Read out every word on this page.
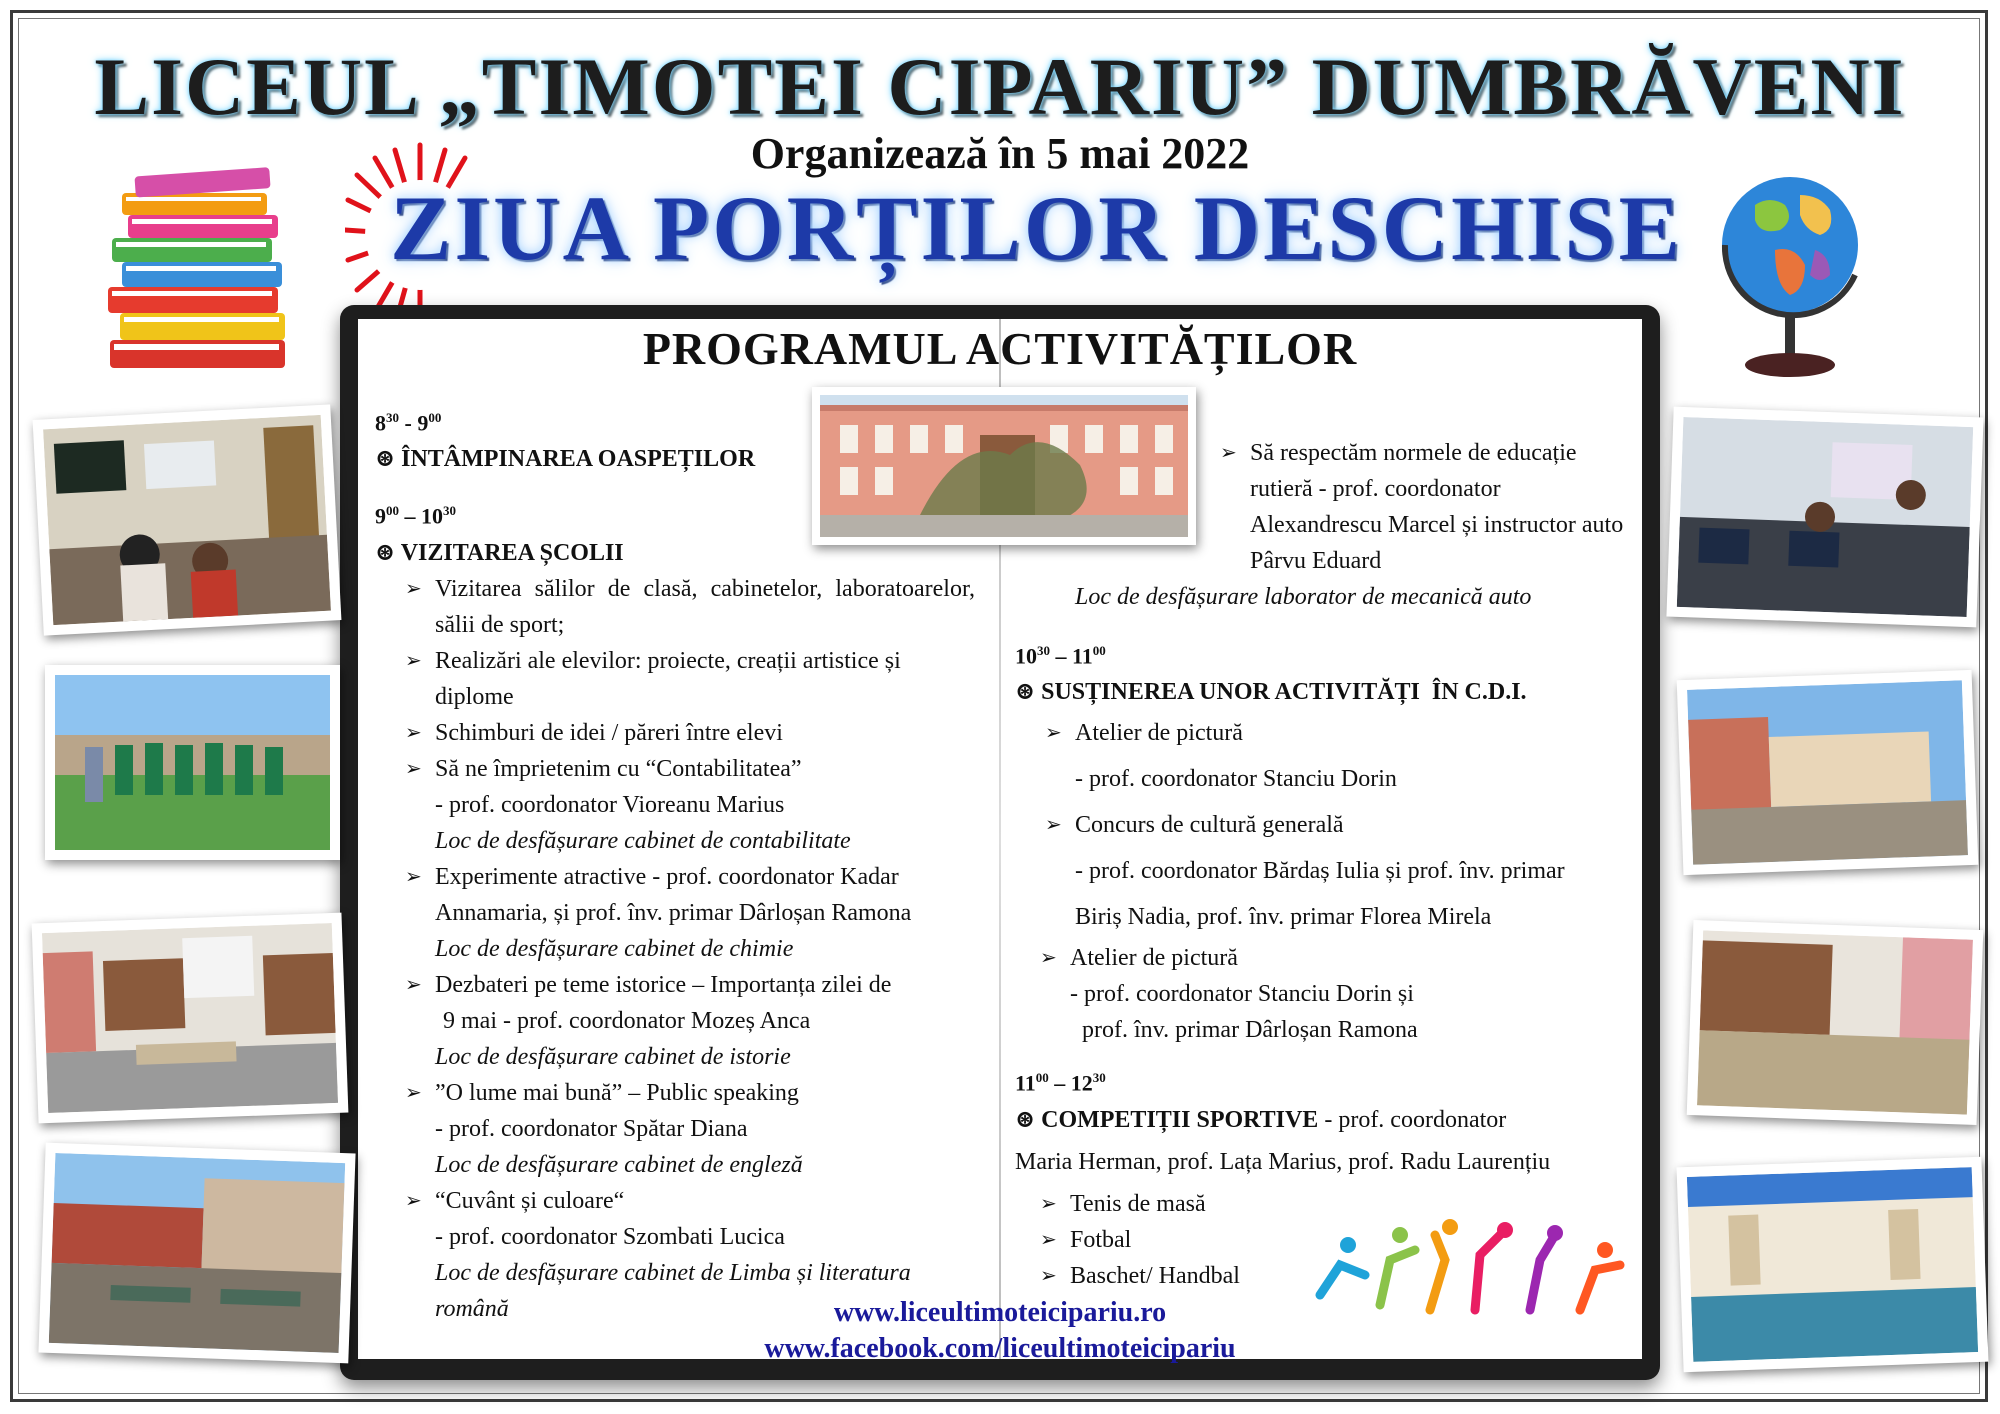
LICEUL „TIMOTEI CIPARIU” DUMBRĂVENI
Organizează în 5 mai 2022
ZIUA PORȚILOR DESCHISE
PROGRAMUL ACTIVITĂȚILOR
$8^{30} - 9^{00}$
⊛ ÎNTÂMPINAREA OASPEȚILOR
$9^{00} - 10^{30}$
⊛ VIZITAREA ȘCOLII
➢ Vizitarea sălilor de clasă, cabinetelor, laboratoarelor, sălii de sport;
➢ Realizări ale elevilor: proiecte, creații artistice și diplome
➢ Schimburi de idei / păreri între elevi
➢ Să ne împrietenim cu “Contabilitatea”
- prof. coordonator Vioreanu Marius
Loc de desfășurare cabinet de contabilitate
➢ Experimente atractive - prof. coordonator Kadar Annamaria, și prof. înv. primar Dârloșan Ramona
Loc de desfășurare cabinet de chimie
➢ Dezbateri pe teme istorice – Importanța zilei de
9 mai - prof. coordonator Mozeș Anca
Loc de desfășurare cabinet de istorie
➢ ”O lume mai bună” – Public speaking
- prof. coordonator Spătar Diana
Loc de desfășurare cabinet de engleză
➢ “Cuvânt și culoare“
- prof. coordonator Szombati Lucica
Loc de desfășurare cabinet de Limba și literatura
română
➢ Să respectăm normele de educație rutieră - prof. coordonator Alexandrescu Marcel și instructor auto Pârvu Eduard
Loc de desfășurare laborator de mecanică auto
$10^{30} - 11^{00}$
⊛ SUSȚINEREA UNOR ACTIVITĂȚI  ÎN C.D.I.
➢ Atelier de pictură
- prof. coordonator Stanciu Dorin
➢ Concurs de cultură generală
- prof. coordonator Bărdaș Iulia și prof. înv. primar
Biriș Nadia, prof. înv. primar Florea Mirela
➢ Atelier de pictură
- prof. coordonator Stanciu Dorin și
prof. înv. primar Dârloșan Ramona
$11^{00} - 12^{30}$
⊛ COMPETIȚII SPORTIVE - prof. coordonator
Maria Herman, prof. Lața Marius, prof. Radu Laurențiu
➢ Tenis de masă
➢ Fotbal
➢ Baschet/ Handbal
www.liceultimoteicipariu.ro
www.facebook.com/liceultimoteicipariu
